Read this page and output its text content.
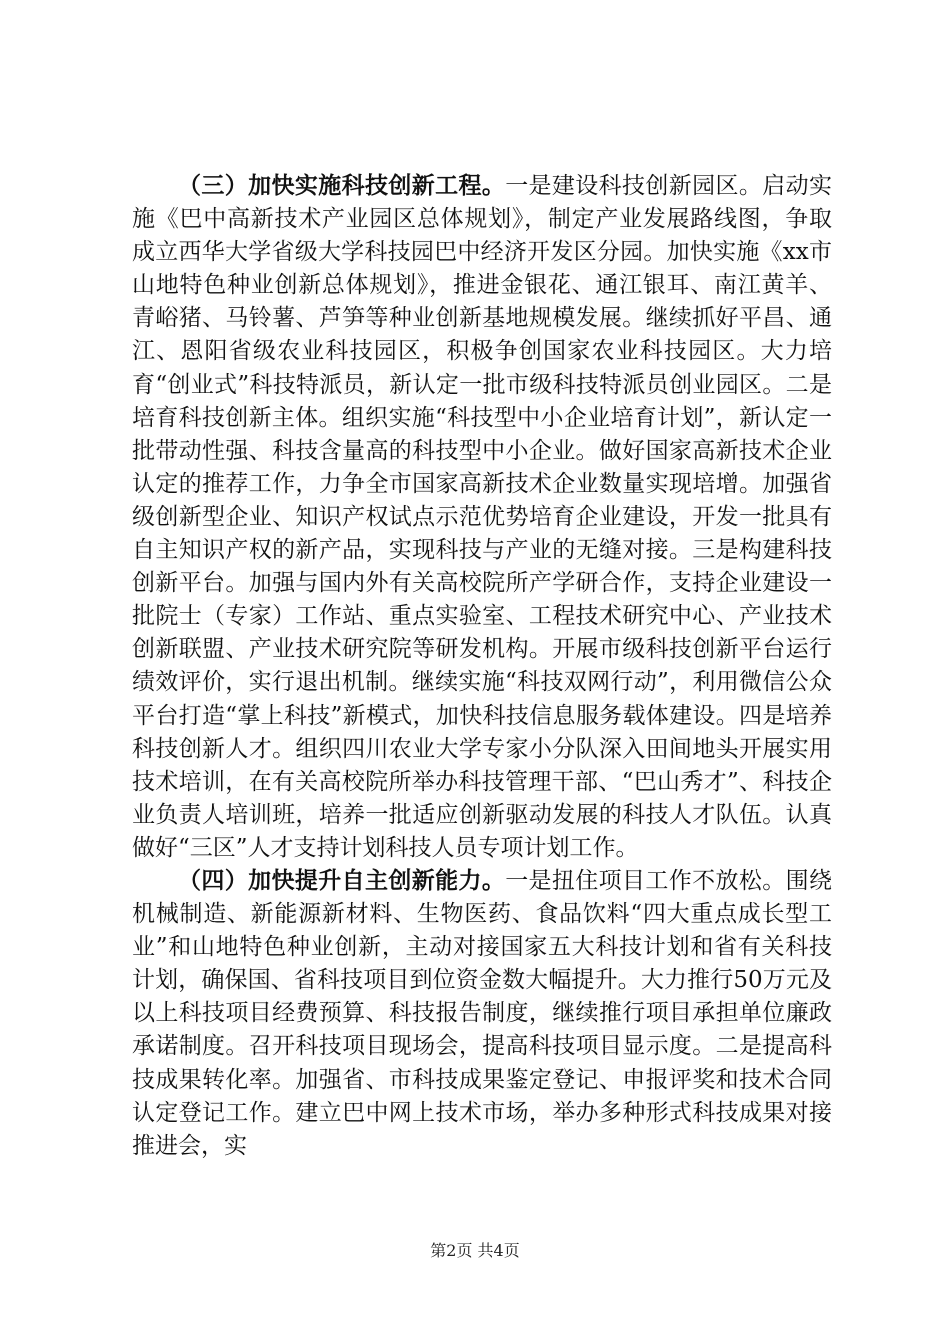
（三）加快实施科技创新工程。一是建设科技创新园区。启动实施《巴中高新技术产业园区总体规划》，制定产业发展路线图，争取成立西华大学省级大学科技园巴中经济开发区分园。加快实施《xx市山地特色种业创新总体规划》，推进金银花、通江银耳、南江黄羊、青峪猪、马铃薯、芦笋等种业创新基地规模发展。继续抓好平昌、通江、恩阳省级农业科技园区，积极争创国家农业科技园区。大力培育“创业式”科技特派员，新认定一批市级科技特派员创业园区。二是培育科技创新主体。组织实施“科技型中小企业培育计划”，新认定一批带动性强、科技含量高的科技型中小企业。做好国家高新技术企业认定的推荐工作，力争全市国家高新技术企业数量实现培增。加强省级创新型企业、知识产权试点示范优势培育企业建设，开发一批具有自主知识产权的新产品，实现科技与产业的无缝对接。三是构建科技创新平台。加强与国内外有关高校院所产学研合作，支持企业建设一批院士（专家）工作站、重点实验室、工程技术研究中心、产业技术创新联盟、产业技术研究院等研发机构。开展市级科技创新平台运行绩效评价，实行退出机制。继续实施“科技双网行动”，利用微信公众平台打造“掌上科技”新模式，加快科技信息服务载体建设。四是培养科技创新人才。组织四川农业大学专家小分队深入田间地头开展实用技术培训，在有关高校院所举办科技管理干部、“巴山秀才”、科技企业负责人培训班，培养一批适应创新驱动发展的科技人才队伍。认真做好“三区”人才支持计划科技人员专项计划工作。

（四）加快提升自主创新能力。一是扭住项目工作不放松。围绕机械制造、新能源新材料、生物医药、食品饮料“四大重点成长型工业”和山地特色种业创新，主动对接国家五大科技计划和省有关科技计划，确保国、省科技项目到位资金数大幅提升。大力推行50万元及以上科技项目经费预算、科技报告制度，继续推行项目承担单位廉政承诺制度。召开科技项目现场会，提高科技项目显示度。二是提高科技成果转化率。加强省、市科技成果鉴定登记、申报评奖和技术合同认定登记工作。建立巴中网上技术市场，举办多种形式科技成果对接推进会，实

第2页 共4页
